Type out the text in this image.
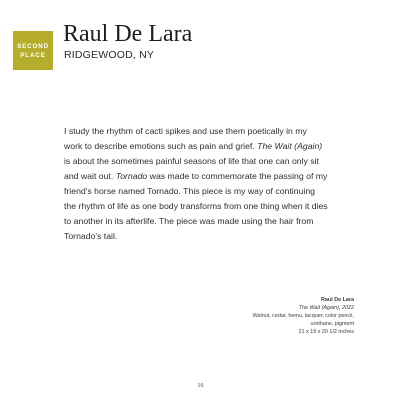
SECOND
PLACE
Raul De Lara
RIDGEWOOD, NY

I study the rhythm of cacti spikes and use them poetically in my

work to describe emotions such as pain and grief. The Wait (Again)

is about the sometimes painful seasons of life that one can only sit

and wait out. Tornado was made to commemorate the passing of my

friend's horse named Tornado. This piece is my way of continuing

the rhythm of life as one body transforms from one thing when it dies

to another in its afterlife. The piece was made using the hair from

Tornado's tail.

Raul De Lara
The Wait (Again), 2022
Walnut, cedar, hemu, lacquer, color pencil,
urethane, pigment
21 x 19 x 20 1/2 inches
16
